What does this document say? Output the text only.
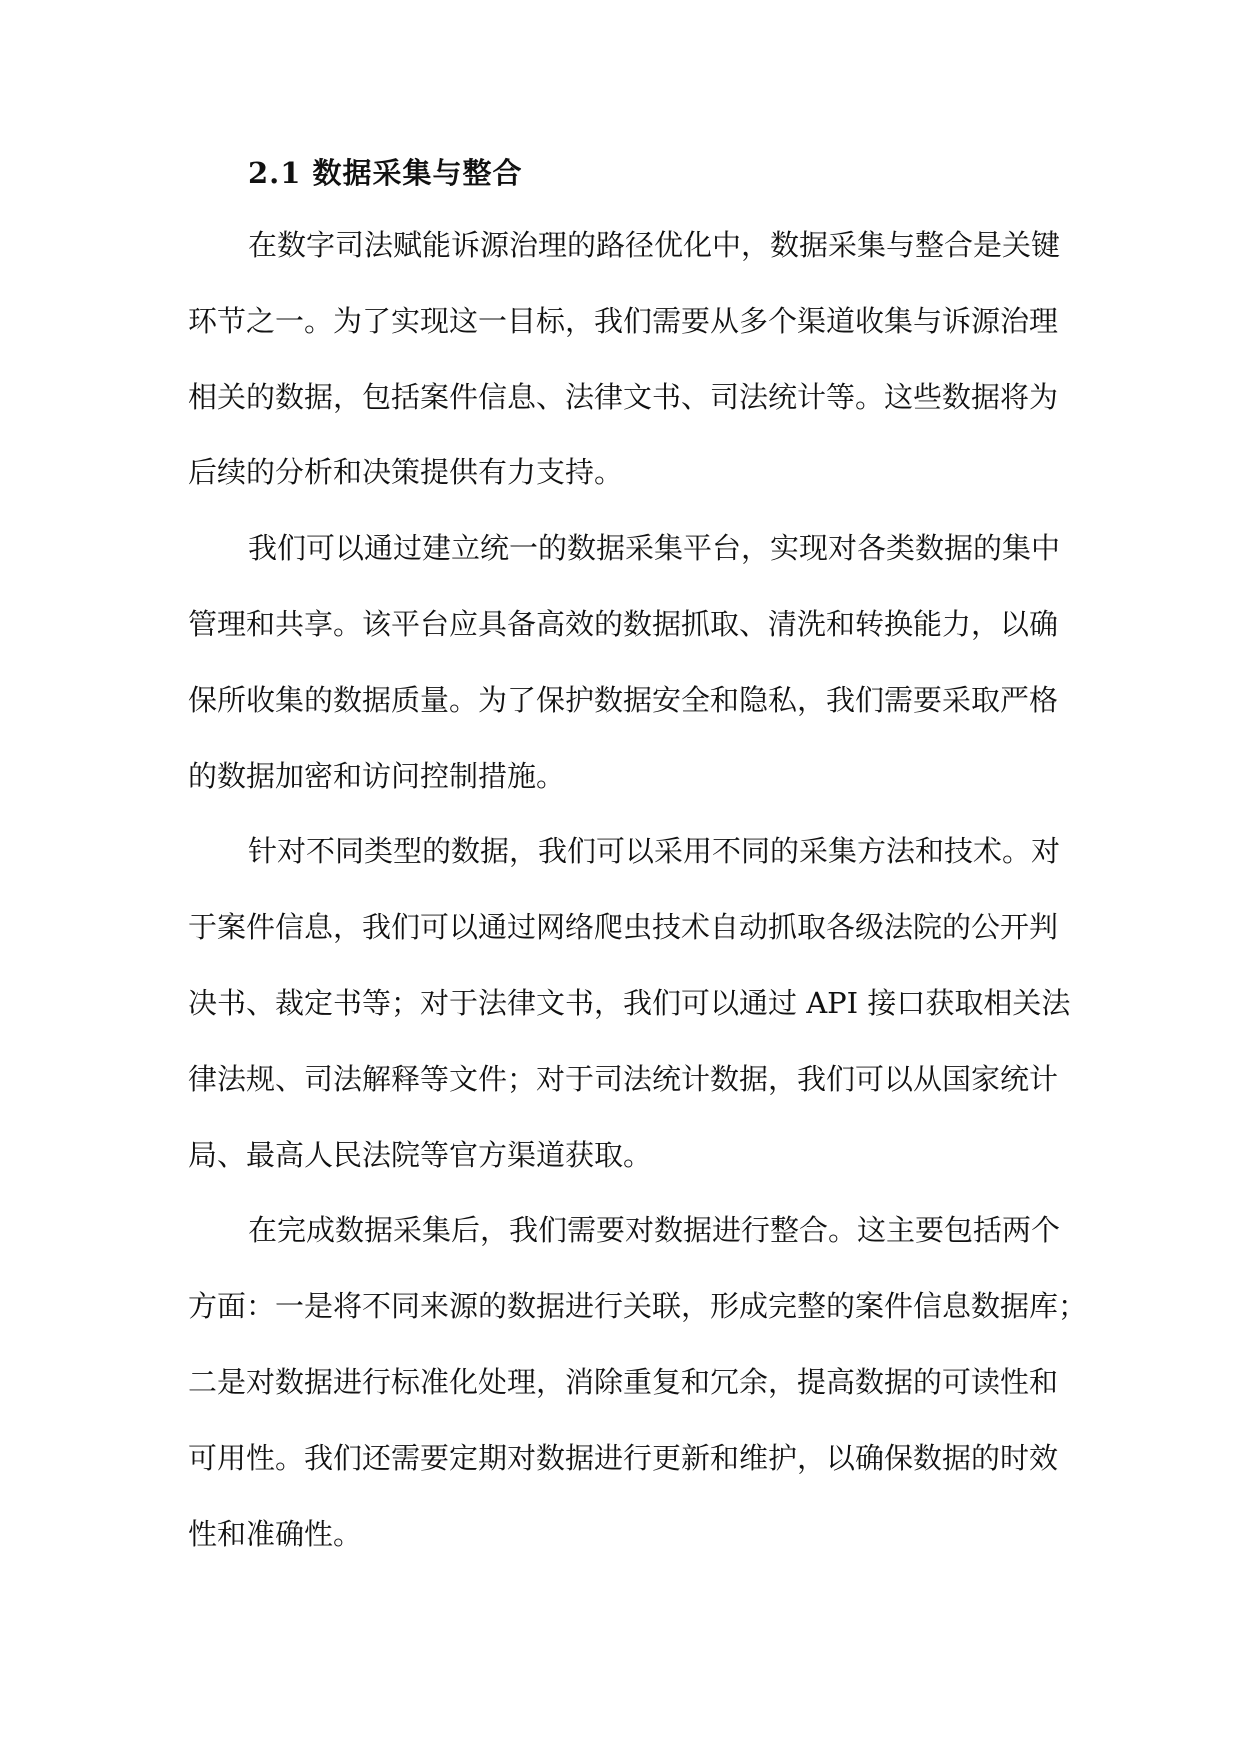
2.1 数据采集与整合
在数字司法赋能诉源治理的路径优化中，数据采集与整合是关键
环节之一。为了实现这一目标，我们需要从多个渠道收集与诉源治理
相关的数据，包括案件信息、法律文书、司法统计等。这些数据将为
后续的分析和决策提供有力支持。
我们可以通过建立统一的数据采集平台，实现对各类数据的集中
管理和共享。该平台应具备高效的数据抓取、清洗和转换能力，以确
保所收集的数据质量。为了保护数据安全和隐私，我们需要采取严格
的数据加密和访问控制措施。
针对不同类型的数据，我们可以采用不同的采集方法和技术。对
于案件信息，我们可以通过网络爬虫技术自动抓取各级法院的公开判
决书、裁定书等；对于法律文书，我们可以通过 API 接口获取相关法
律法规、司法解释等文件；对于司法统计数据，我们可以从国家统计
局、最高人民法院等官方渠道获取。
在完成数据采集后，我们需要对数据进行整合。这主要包括两个
方面：一是将不同来源的数据进行关联，形成完整的案件信息数据库；
二是对数据进行标准化处理，消除重复和冗余，提高数据的可读性和
可用性。我们还需要定期对数据进行更新和维护，以确保数据的时效
性和准确性。
